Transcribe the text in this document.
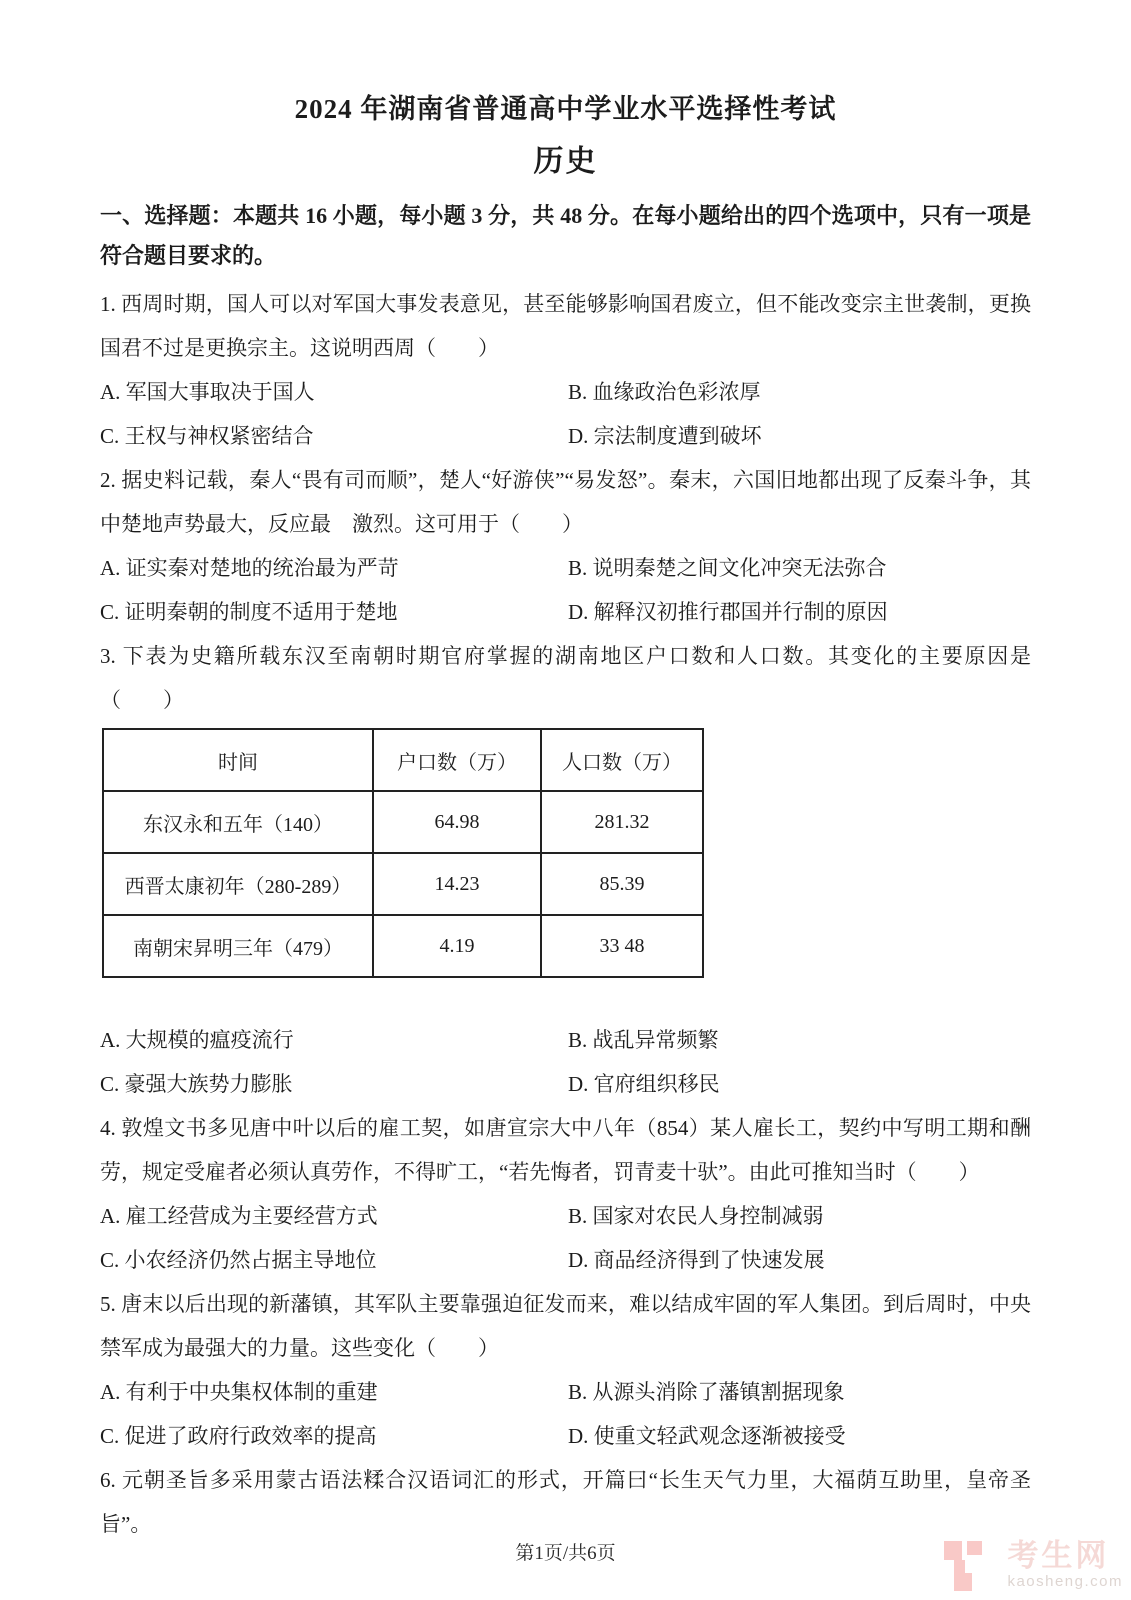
2024 年湖南省普通高中学业水平选择性考试
历史

一、选择题：本题共 16 小题，每小题 3 分，共 48 分。在每小题给出的四个选项中，只有一项是符合题目要求的。

1. 西周时期，国人可以对军国大事发表意见，甚至能够影响国君废立，但不能改变宗主世袭制，更换国君不过是更换宗主。这说明西周（　　）

A. 军国大事取决于国人	B. 血缘政治色彩浓厚
C. 王权与神权紧密结合	D. 宗法制度遭到破坏

2. 据史料记载，秦人“畏有司而顺”，楚人“好游侠”“易发怒”。秦末，六国旧地都出现了反秦斗争，其中楚地声势最大，反应最　激烈。这可用于（　　）

A. 证实秦对楚地的统治最为严苛	B. 说明秦楚之间文化冲突无法弥合
C. 证明秦朝的制度不适用于楚地	D. 解释汉初推行郡国并行制的原因

3. 下表为史籍所载东汉至南朝时期官府掌握的湖南地区户口数和人口数。其变化的主要原因是（　　）

时间	户口数（万）	人口数（万）
东汉永和五年（140）	64.98	281.32
西晋太康初年（280-289）	14.23	85.39
南朝宋昇明三年（479）	4.19	33 48
A. 大规模的瘟疫流行	B. 战乱异常频繁
C. 豪强大族势力膨胀	D. 官府组织移民

4. 敦煌文书多见唐中叶以后的雇工契，如唐宣宗大中八年（854）某人雇长工，契约中写明工期和酬劳，规定受雇者必须认真劳作，不得旷工，“若先悔者，罚青麦十驮”。由此可推知当时（　　）

A. 雇工经营成为主要经营方式	B. 国家对农民人身控制减弱
C. 小农经济仍然占据主导地位	D. 商品经济得到了快速发展

5. 唐末以后出现的新藩镇，其军队主要靠强迫征发而来，难以结成牢固的军人集团。到后周时，中央禁军成为最强大的力量。这些变化（　　）

A. 有利于中央集权体制的重建	B. 从源头消除了藩镇割据现象
C. 促进了政府行政效率的提高	D. 使重文轻武观念逐渐被接受

6. 元朝圣旨多采用蒙古语法糅合汉语词汇的形式，开篇曰“长生天气力里，大福荫互助里，皇帝圣旨”。

第1页/共6页	考生网
kaosheng.com
